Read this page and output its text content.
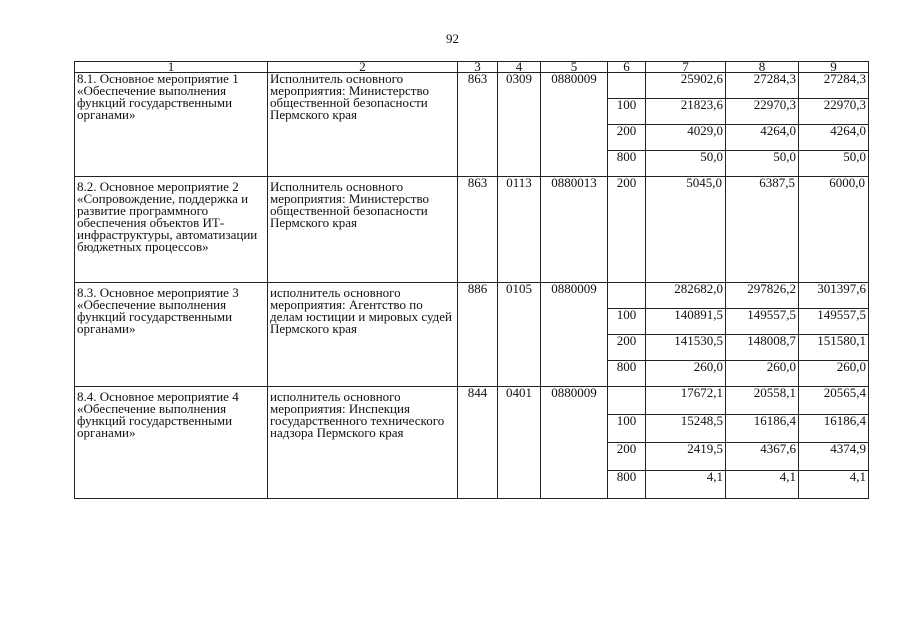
92
1	2	3	4	5	6	7	8	9
8.1. Основное мероприятие 1 «Обеспечение выполнения функций государственными органами»	Исполнитель основного мероприятия: Министерство общественной безопасности Пермского края	863	0309	0880009		25902,6	27284,3	27284,3
					100	21823,6	22970,3	22970,3
					200	4029,0	4264,0	4264,0
					800	50,0	50,0	50,0
8.2. Основное мероприятие 2 «Сопровождение, поддержка и развитие программного обеспечения объектов ИТ-инфраструктуры, автоматизации бюджетных процессов»	Исполнитель основного мероприятия: Министерство общественной безопасности Пермского края	863	0113	0880013	200	5045,0	6387,5	6000,0
8.3. Основное мероприятие 3 «Обеспечение выполнения функций государственными органами»	исполнитель основного мероприятия: Агентство по делам юстиции и мировых судей Пермского края	886	0105	0880009		282682,0	297826,2	301397,6
					100	140891,5	149557,5	149557,5
					200	141530,5	148008,7	151580,1
					800	260,0	260,0	260,0
8.4. Основное мероприятие 4 «Обеспечение выполнения функций государственными органами»	исполнитель основного мероприятия: Инспекция государственного технического надзора Пермского края	844	0401	0880009		17672,1	20558,1	20565,4
					100	15248,5	16186,4	16186,4
					200	2419,5	4367,6	4374,9
					800	4,1	4,1	4,1
